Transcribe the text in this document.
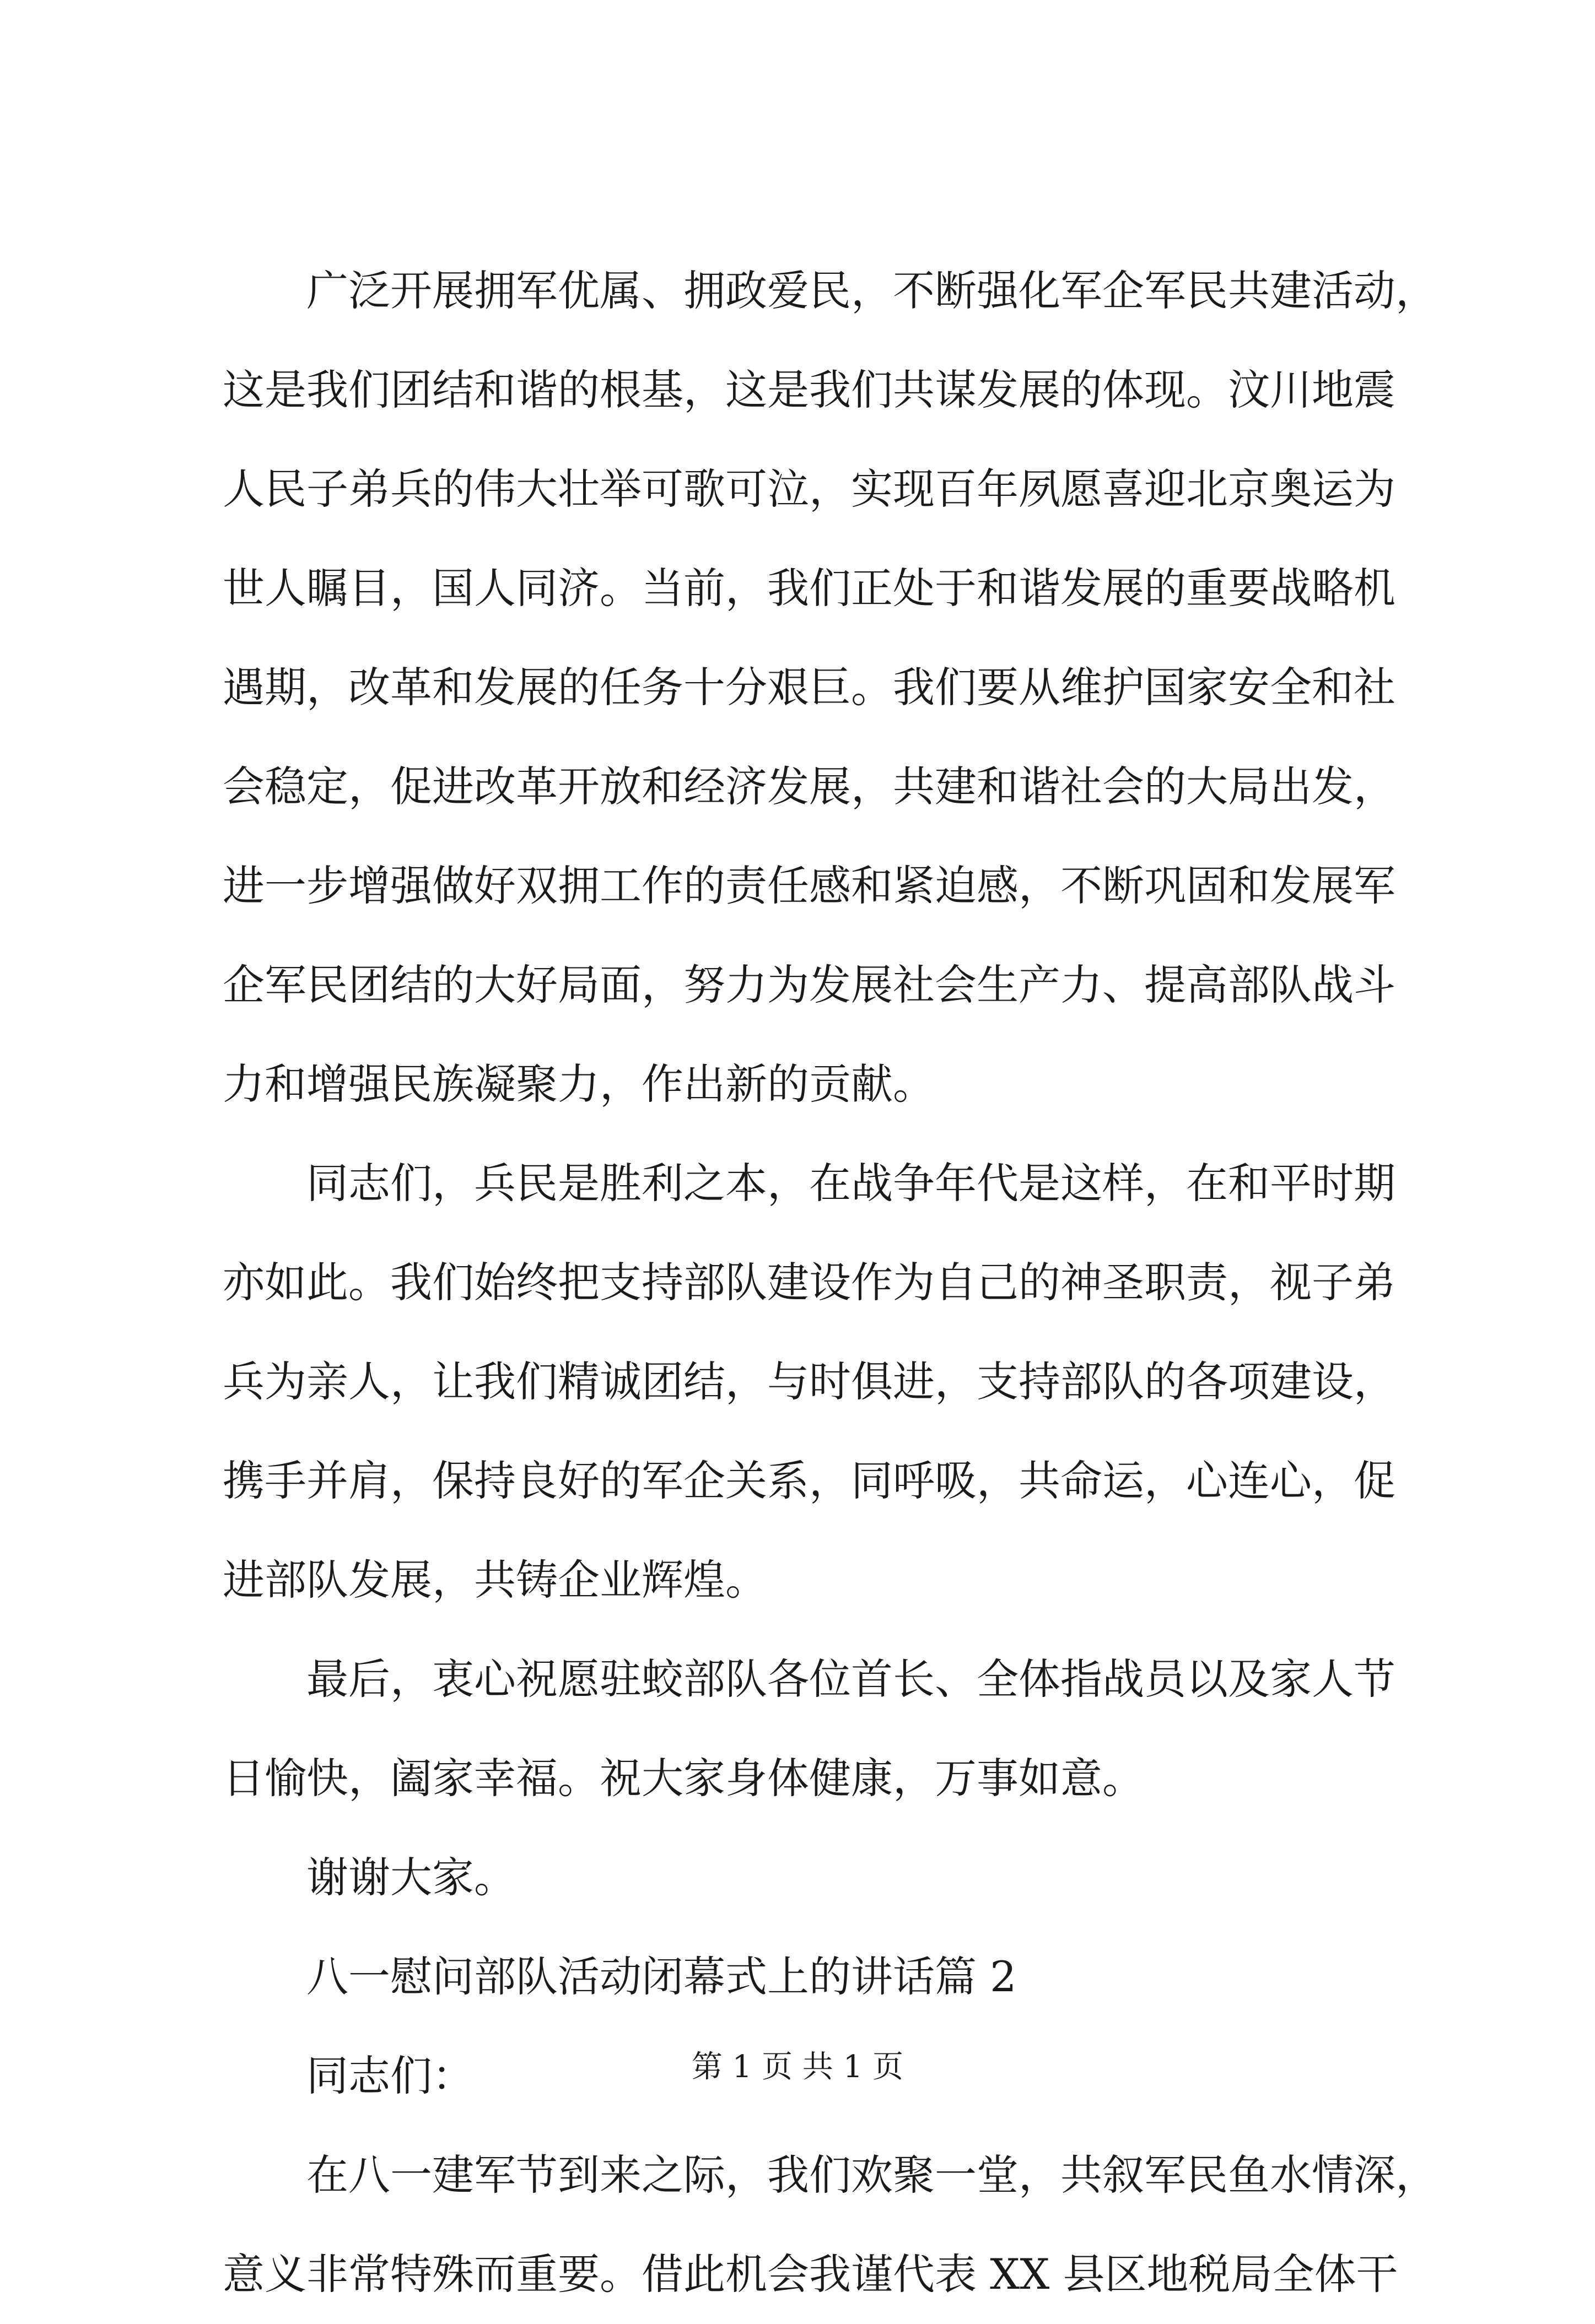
广泛开展拥军优属、拥政爱民，不断强化军企军民共建活动，
这是我们团结和谐的根基，这是我们共谋发展的体现。汶川地震
人民子弟兵的伟大壮举可歌可泣，实现百年夙愿喜迎北京奥运为
世人瞩目，国人同济。当前，我们正处于和谐发展的重要战略机
遇期，改革和发展的任务十分艰巨。我们要从维护国家安全和社
会稳定，促进改革开放和经济发展，共建和谐社会的大局出发，
进一步增强做好双拥工作的责任感和紧迫感，不断巩固和发展军
企军民团结的大好局面，努力为发展社会生产力、提高部队战斗
力和增强民族凝聚力，作出新的贡献。
同志们，兵民是胜利之本，在战争年代是这样，在和平时期
亦如此。我们始终把支持部队建设作为自己的神圣职责，视子弟
兵为亲人，让我们精诚团结，与时俱进，支持部队的各项建设，
携手并肩，保持良好的军企关系，同呼吸，共命运，心连心，促
进部队发展，共铸企业辉煌。
最后，衷心祝愿驻蛟部队各位首长、全体指战员以及家人节
日愉快，阖家幸福。祝大家身体健康，万事如意。
谢谢大家。
八一慰问部队活动闭幕式上的讲话篇 2
同志们：
在八一建军节到来之际，我们欢聚一堂，共叙军民鱼水情深，
意义非常特殊而重要。借此机会我谨代表 XX 县区地税局全体干
第 1 页 共 1 页
